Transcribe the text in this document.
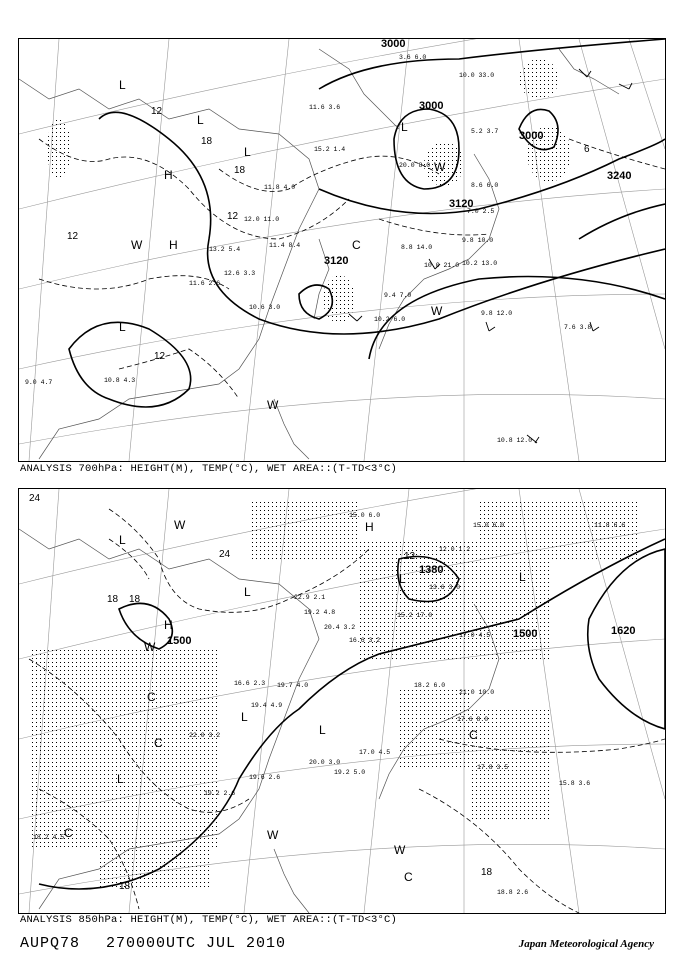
3000
3000
3000
3120
3120
3240
L
L
L
L
L
H
H	C
W
W
W
W
12
12
12
12
18
18
6
3.6 6.0
10.0 33.0
5.2 3.7
11.6 3.6
15.2 1.4
20.0 8.0
11.8 4.0
12.0 11.0
11.4 8.4
13.2 5.4
12.6 3.3
11.6 2.6
10.6 3.0
8.8 14.0
10.0 21.0
9.8 10.0
10.2 13.0
9.4 7.0
10.2 6.0
9.8 12.0
7.6 3.8
10.8 12.0
10.8 4.3
9.0 4.7
8.6 6.0
7.0 2.5
ANALYSIS 700hPa: HEIGHT(M), TEMP(°C), WET AREA::(T-TD<3°C)
1380
1500
1500	1620
L
L
L	L
L
L
L
H
H
C
C
C
C
C
W
W
W
W
24
24
18 18
18
12
18
15.0 6.0
12.0 1.2
15.0 6.0	11.8 6.6
19.2 4.8
20.4 3.2
22.9 2.1
16.6 3.2
15.2 17.0
17.0 4.5
21.0 10.0
18.2 6.0
17.6 8.0
19.7 4.0
19.4 4.9
16.6 2.3
20.0 3.0
19.6 2.6
17.0 4.5
19.2 5.0
17.8 3.5
15.8 3.6
18.8 2.6
18.2 4.5
19.2 2.6
22.0 3.2
13.6 3.0
ANALYSIS 850hPa: HEIGHT(M), TEMP(°C), WET AREA::(T-TD<3°C)
AUPQ78 270000UTC JUL 2010	Japan Meteorological Agency
